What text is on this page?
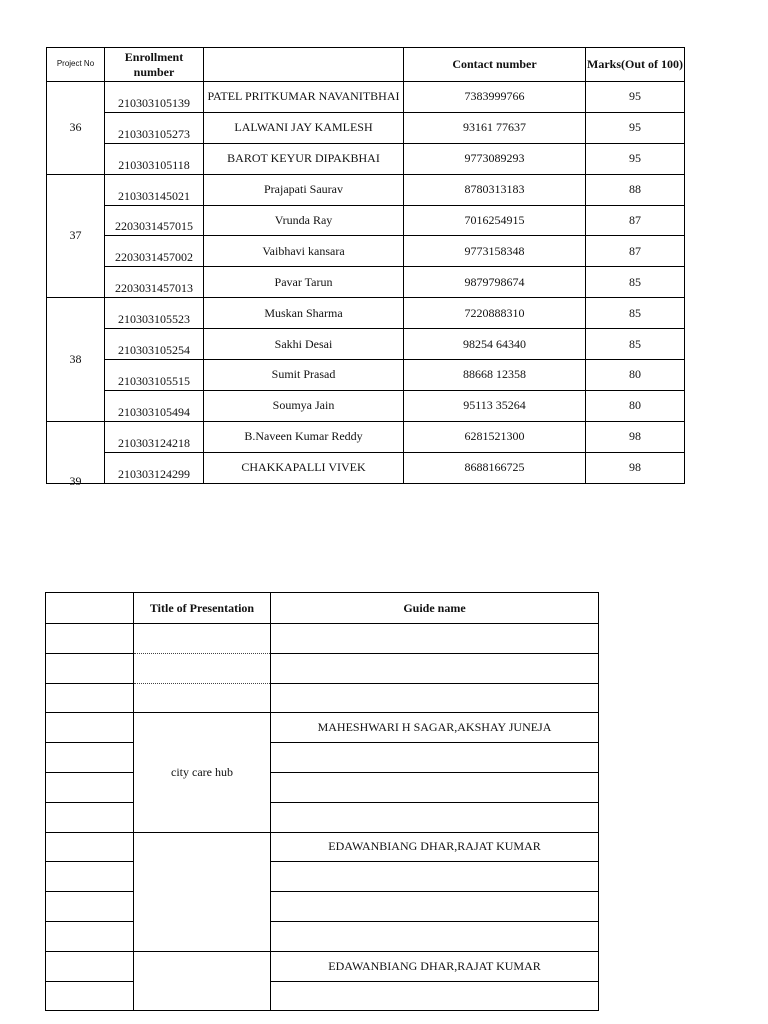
Project No	Enrollment number		Contact number	Marks(Out of 100)
36	210303105139	PATEL PRITKUMAR NAVANITBHAI	7383999766	95
	210303105273	LALWANI JAY KAMLESH	93161 77637	95
	210303105118	BAROT KEYUR DIPAKBHAI	9773089293	95
37	210303145021	Prajapati Saurav	8780313183	88
	2203031457015	Vrunda Ray	7016254915	87
	2203031457002	Vaibhavi kansara	9773158348	87
	2203031457013	Pavar Tarun	9879798674	85
38	210303105523	Muskan Sharma	7220888310	85
	210303105254	Sakhi Desai	98254 64340	85
	210303105515	Sumit Prasad	88668 12358	80
	210303105494	Soumya Jain	95113 35264	80
39	210303124218	B.Naveen Kumar Reddy	6281521300	98
	210303124299	CHAKKAPALLI VIVEK	8688166725	98
	Title of Presentation	Guide name

	city care hub	MAHESHWARI H SAGAR,AKSHAY JUNEJA

		EDAWANBIANG DHAR,RAJAT KUMAR

		EDAWANBIANG DHAR,RAJAT KUMAR
